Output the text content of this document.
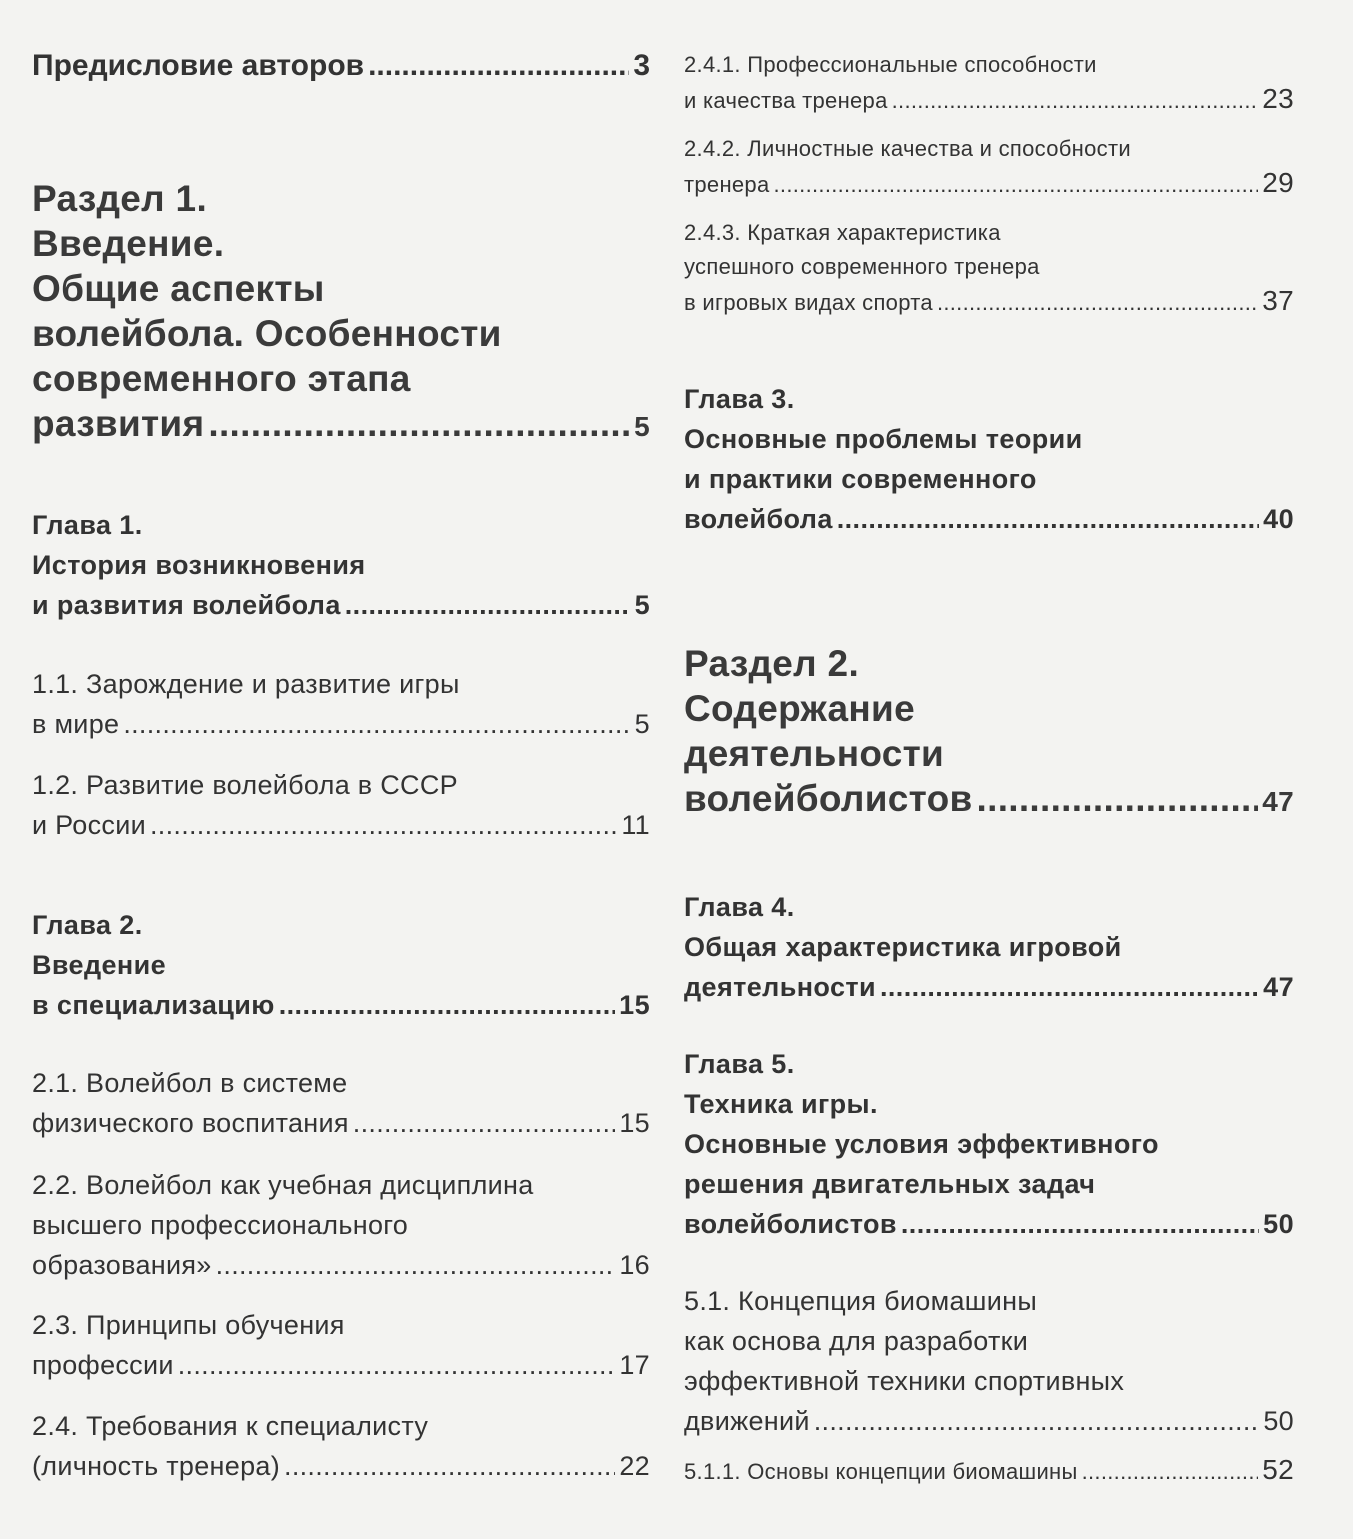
Предисловие авторов .....	3
Раздел 1.
Введение.
Общие аспекты
волейбола. Особенности
современного этапа
развития .....	5
Глава 1.
История возникновения
и развития волейбола .....	5
1.1. Зарождение и развитие игры
в мире .....	5
1.2. Развитие волейбола в СССР
и России .....	11
Глава 2.
Введение
в специализацию .....	15
2.1. Волейбол в системе
физического воспитания .....	15
2.2. Волейбол как учебная дисциплина
высшего профессионального
образования» .....	16
2.3. Принципы обучения
профессии .....	17
2.4. Требования к специалисту
(личность тренера) .....	22
2.4.1. Профессиональные способности
и качества тренера .....	23
2.4.2. Личностные качества и способности
тренера .....	29
2.4.3. Краткая характеристика
успешного современного тренера
в игровых видах спорта .....	37
Глава 3.
Основные проблемы теории
и практики современного
волейбола .....	40
Раздел 2.
Содержание
деятельности
волейболистов .....	47
Глава 4.
Общая характеристика игровой
деятельности .....	47
Глава 5.
Техника игры.
Основные условия эффективного
решения двигательных задач
волейболистов .....	50
5.1. Концепция биомашины
как основа для разработки
эффективной техники спортивных
движений .....	50
5.1.1. Основы концепции биомашины .....	52
